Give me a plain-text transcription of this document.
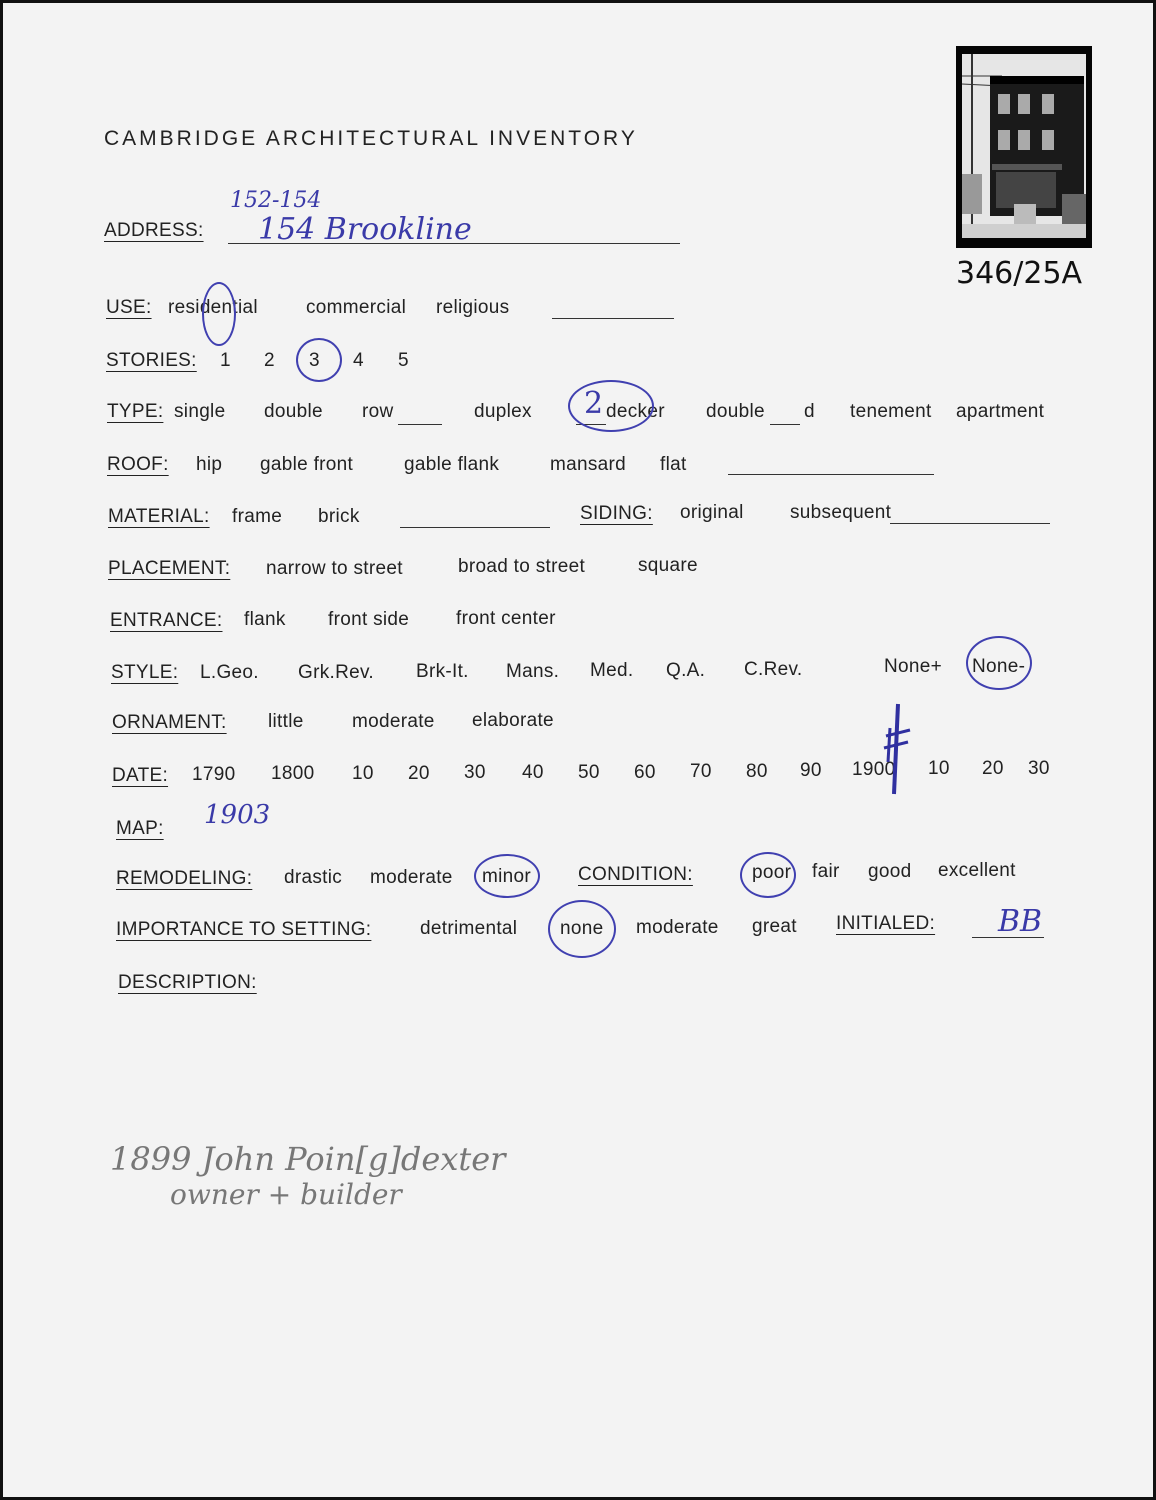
346/25A
CAMBRIDGE ARCHITECTURAL INVENTORY
ADDRESS:
152-154
154 Brookline
USE: residential	commercial religious
STORIES: 1 2 3 4 5
TYPE: single double row	duplex 2 decker double d tenement apartment
ROOF: hip gable front	gable flank	mansard flat
MATERIAL: frame brick	SIDING: original subsequent
PLACEMENT: narrow to street	broad to street	square
ENTRANCE: flank front side front center
STYLE: L.Geo. Grk.Rev. Brk-It. Mans. Med. Q.A. C.Rev.	None+ None-
ORNAMENT: little	moderate elaborate
DATE: 1790 1800 10 20 30 40 50 60 70 80 90 1900 10 20 30
MAP: 1903
REMODELING: drastic moderate minor CONDITION:	poor fair good excellent
IMPORTANCE TO SETTING:	detrimental none moderate great INITIALED: BB
DESCRIPTION:
1899 John Poin[g]dexter
owner + builder
